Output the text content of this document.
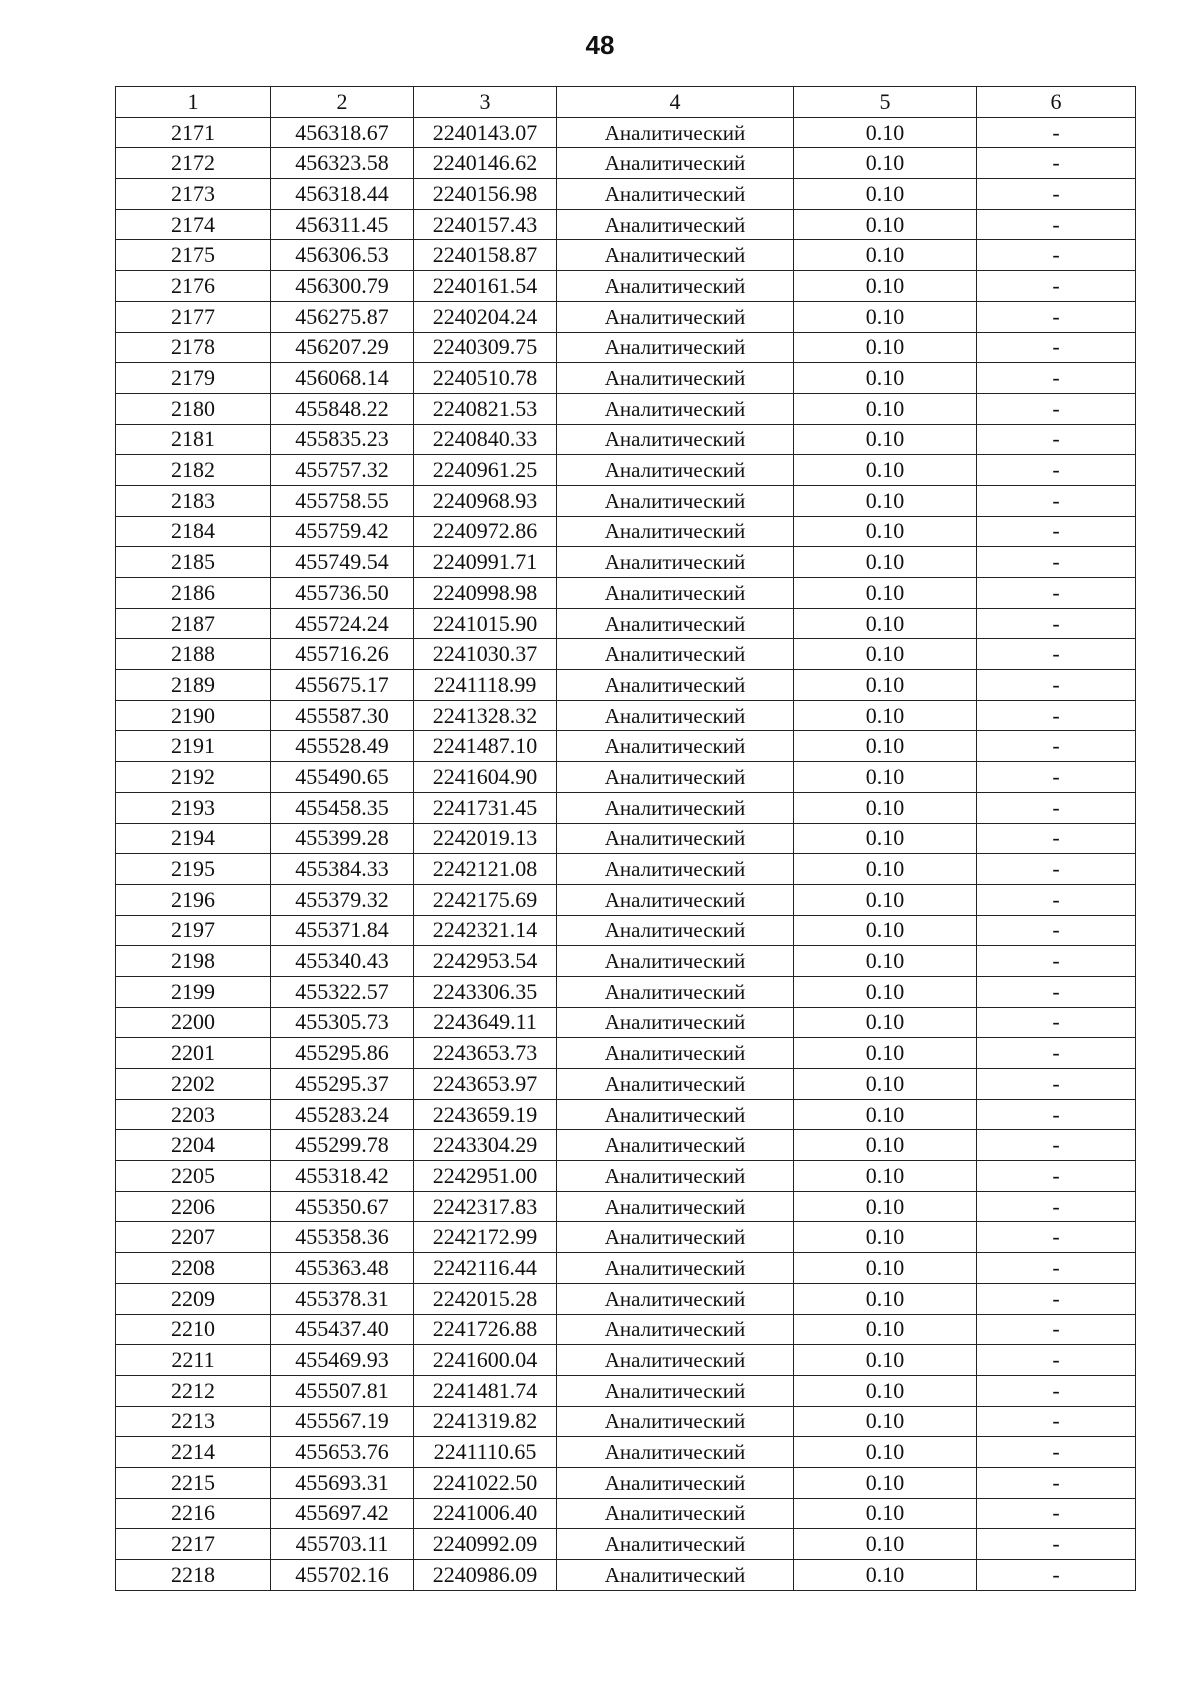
48
1	2	3	4	5	6
2171	456318.67	2240143.07	Аналитический	0.10	-
2172	456323.58	2240146.62	Аналитический	0.10	-
2173	456318.44	2240156.98	Аналитический	0.10	-
2174	456311.45	2240157.43	Аналитический	0.10	-
2175	456306.53	2240158.87	Аналитический	0.10	-
2176	456300.79	2240161.54	Аналитический	0.10	-
2177	456275.87	2240204.24	Аналитический	0.10	-
2178	456207.29	2240309.75	Аналитический	0.10	-
2179	456068.14	2240510.78	Аналитический	0.10	-
2180	455848.22	2240821.53	Аналитический	0.10	-
2181	455835.23	2240840.33	Аналитический	0.10	-
2182	455757.32	2240961.25	Аналитический	0.10	-
2183	455758.55	2240968.93	Аналитический	0.10	-
2184	455759.42	2240972.86	Аналитический	0.10	-
2185	455749.54	2240991.71	Аналитический	0.10	-
2186	455736.50	2240998.98	Аналитический	0.10	-
2187	455724.24	2241015.90	Аналитический	0.10	-
2188	455716.26	2241030.37	Аналитический	0.10	-
2189	455675.17	2241118.99	Аналитический	0.10	-
2190	455587.30	2241328.32	Аналитический	0.10	-
2191	455528.49	2241487.10	Аналитический	0.10	-
2192	455490.65	2241604.90	Аналитический	0.10	-
2193	455458.35	2241731.45	Аналитический	0.10	-
2194	455399.28	2242019.13	Аналитический	0.10	-
2195	455384.33	2242121.08	Аналитический	0.10	-
2196	455379.32	2242175.69	Аналитический	0.10	-
2197	455371.84	2242321.14	Аналитический	0.10	-
2198	455340.43	2242953.54	Аналитический	0.10	-
2199	455322.57	2243306.35	Аналитический	0.10	-
2200	455305.73	2243649.11	Аналитический	0.10	-
2201	455295.86	2243653.73	Аналитический	0.10	-
2202	455295.37	2243653.97	Аналитический	0.10	-
2203	455283.24	2243659.19	Аналитический	0.10	-
2204	455299.78	2243304.29	Аналитический	0.10	-
2205	455318.42	2242951.00	Аналитический	0.10	-
2206	455350.67	2242317.83	Аналитический	0.10	-
2207	455358.36	2242172.99	Аналитический	0.10	-
2208	455363.48	2242116.44	Аналитический	0.10	-
2209	455378.31	2242015.28	Аналитический	0.10	-
2210	455437.40	2241726.88	Аналитический	0.10	-
2211	455469.93	2241600.04	Аналитический	0.10	-
2212	455507.81	2241481.74	Аналитический	0.10	-
2213	455567.19	2241319.82	Аналитический	0.10	-
2214	455653.76	2241110.65	Аналитический	0.10	-
2215	455693.31	2241022.50	Аналитический	0.10	-
2216	455697.42	2241006.40	Аналитический	0.10	-
2217	455703.11	2240992.09	Аналитический	0.10	-
2218	455702.16	2240986.09	Аналитический	0.10	-
